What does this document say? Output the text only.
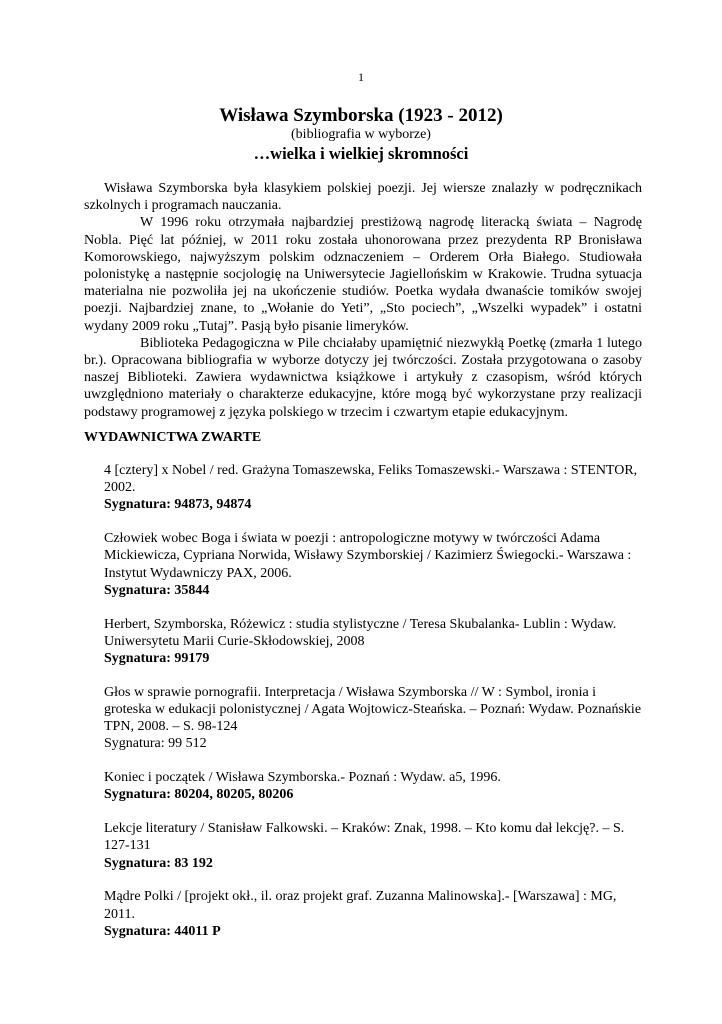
1
Wisława Szymborska (1923 - 2012)
(bibliografia w wyborze)
…wielka i wielkiej skromności

Wisława Szymborska była klasykiem polskiej poezji. Jej wiersze znalazły w podręcznikach szkolnych i programach nauczania.

W 1996 roku otrzymała najbardziej prestiżową nagrodę literacką świata – Nagrodę Nobla. Pięć lat później, w 2011 roku została uhonorowana przez prezydenta RP Bronisława Komorowskiego, najwyższym polskim odznaczeniem – Orderem Orła Białego. Studiowała polonistykę a następnie socjologię na Uniwersytecie Jagiellońskim w Krakowie. Trudna sytuacja materialna nie pozwoliła jej na ukończenie studiów. Poetka wydała dwanaście tomików swojej poezji. Najbardziej znane, to „Wołanie do Yeti”, „Sto pociech”, „Wszelki wypadek” i ostatni wydany 2009 roku „Tutaj”. Pasją było pisanie limeryków.

Biblioteka Pedagogiczna w Pile chciałaby upamiętnić niezwykłą Poetkę (zmarła 1 lutego br.). Opracowana bibliografia w wyborze dotyczy jej twórczości. Została przygotowana o zasoby naszej Biblioteki. Zawiera wydawnictwa książkowe i artykuły z czasopism, wśród których uwzględniono materiały o charakterze edukacyjne, które mogą być wykorzystane przy realizacji podstawy programowej z języka polskiego w trzecim i czwartym etapie edukacyjnym.

WYDAWNICTWA ZWARTE
4 [cztery] x Nobel / red. Grażyna Tomaszewska, Feliks Tomaszewski.- Warszawa : STENTOR, 2002.
Sygnatura: 94873, 94874
Człowiek wobec Boga i świata w poezji : antropologiczne motywy w twórczości Adama Mickiewicza, Cypriana Norwida, Wisławy Szymborskiej / Kazimierz Świegocki.- Warszawa : Instytut Wydawniczy PAX, 2006.
Sygnatura: 35844
Herbert, Szymborska, Różewicz : studia stylistyczne / Teresa Skubalanka- Lublin : Wydaw. Uniwersytetu Marii Curie-Skłodowskiej, 2008
Sygnatura: 99179
Głos w sprawie pornografii. Interpretacja / Wisława Szymborska // W : Symbol, ironia i groteska w edukacji polonistycznej / Agata Wojtowicz-Steańska. – Poznań: Wydaw. Poznańskie TPN, 2008. – S. 98-124
Sygnatura: 99 512
Koniec i początek / Wisława Szymborska.- Poznań : Wydaw. a5, 1996.
Sygnatura: 80204, 80205, 80206
Lekcje literatury / Stanisław Falkowski. – Kraków: Znak, 1998. – Kto komu dał lekcję?. – S. 127-131
Sygnatura: 83 192
Mądre Polki / [projekt okł., il. oraz projekt graf. Zuzanna Malinowska].- [Warszawa] : MG, 2011.
Sygnatura: 44011 P
